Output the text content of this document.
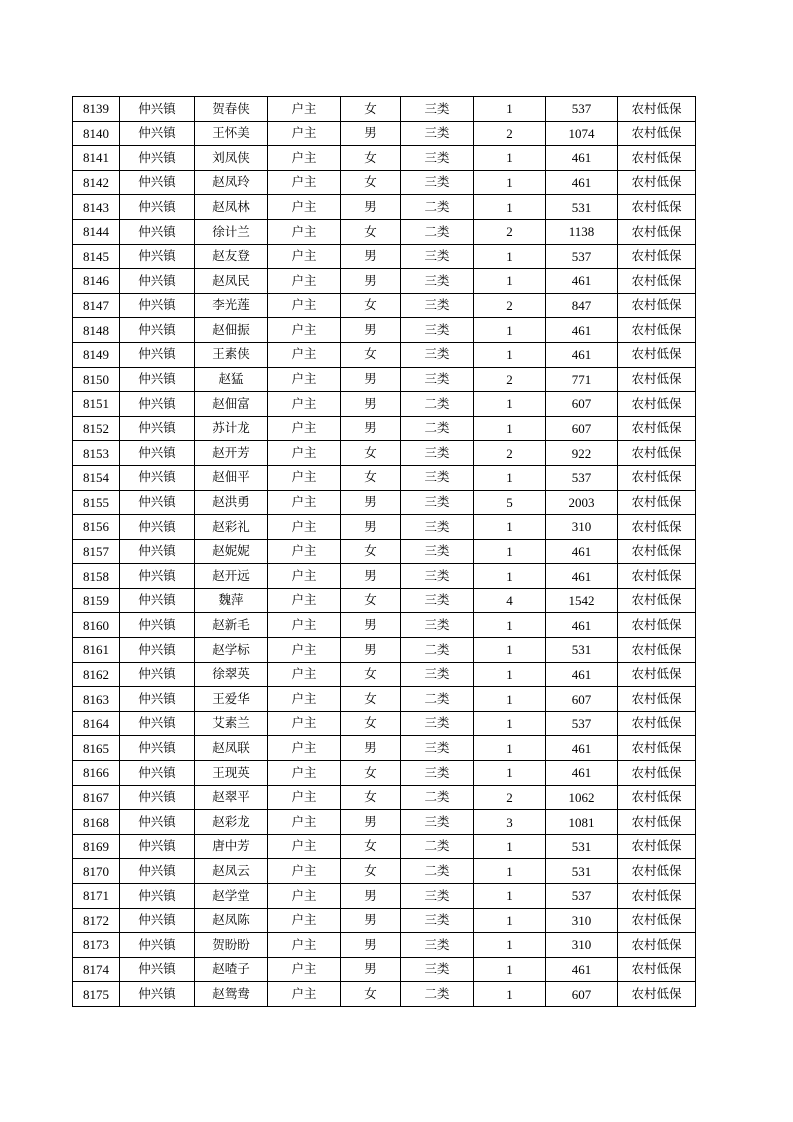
8139	仲兴镇	贺春侠	户主	女	三类	1	537	农村低保
8140	仲兴镇	王怀美	户主	男	三类	2	1074	农村低保
8141	仲兴镇	刘凤侠	户主	女	三类	1	461	农村低保
8142	仲兴镇	赵凤玲	户主	女	三类	1	461	农村低保
8143	仲兴镇	赵凤林	户主	男	二类	1	531	农村低保
8144	仲兴镇	徐计兰	户主	女	二类	2	1138	农村低保
8145	仲兴镇	赵友登	户主	男	三类	1	537	农村低保
8146	仲兴镇	赵凤民	户主	男	三类	1	461	农村低保
8147	仲兴镇	李光莲	户主	女	三类	2	847	农村低保
8148	仲兴镇	赵佃振	户主	男	三类	1	461	农村低保
8149	仲兴镇	王素侠	户主	女	三类	1	461	农村低保
8150	仲兴镇	赵猛	户主	男	三类	2	771	农村低保
8151	仲兴镇	赵佃富	户主	男	二类	1	607	农村低保
8152	仲兴镇	苏计龙	户主	男	二类	1	607	农村低保
8153	仲兴镇	赵开芳	户主	女	三类	2	922	农村低保
8154	仲兴镇	赵佃平	户主	女	三类	1	537	农村低保
8155	仲兴镇	赵洪勇	户主	男	三类	5	2003	农村低保
8156	仲兴镇	赵彩礼	户主	男	三类	1	310	农村低保
8157	仲兴镇	赵妮妮	户主	女	三类	1	461	农村低保
8158	仲兴镇	赵开远	户主	男	三类	1	461	农村低保
8159	仲兴镇	魏萍	户主	女	三类	4	1542	农村低保
8160	仲兴镇	赵新毛	户主	男	三类	1	461	农村低保
8161	仲兴镇	赵学标	户主	男	二类	1	531	农村低保
8162	仲兴镇	徐翠英	户主	女	三类	1	461	农村低保
8163	仲兴镇	王爱华	户主	女	二类	1	607	农村低保
8164	仲兴镇	艾素兰	户主	女	三类	1	537	农村低保
8165	仲兴镇	赵凤联	户主	男	三类	1	461	农村低保
8166	仲兴镇	王现英	户主	女	三类	1	461	农村低保
8167	仲兴镇	赵翠平	户主	女	二类	2	1062	农村低保
8168	仲兴镇	赵彩龙	户主	男	三类	3	1081	农村低保
8169	仲兴镇	唐中芳	户主	女	二类	1	531	农村低保
8170	仲兴镇	赵凤云	户主	女	二类	1	531	农村低保
8171	仲兴镇	赵学堂	户主	男	三类	1	537	农村低保
8172	仲兴镇	赵凤陈	户主	男	三类	1	310	农村低保
8173	仲兴镇	贺盼盼	户主	男	三类	1	310	农村低保
8174	仲兴镇	赵喳子	户主	男	三类	1	461	农村低保
8175	仲兴镇	赵鸳鸯	户主	女	二类	1	607	农村低保
